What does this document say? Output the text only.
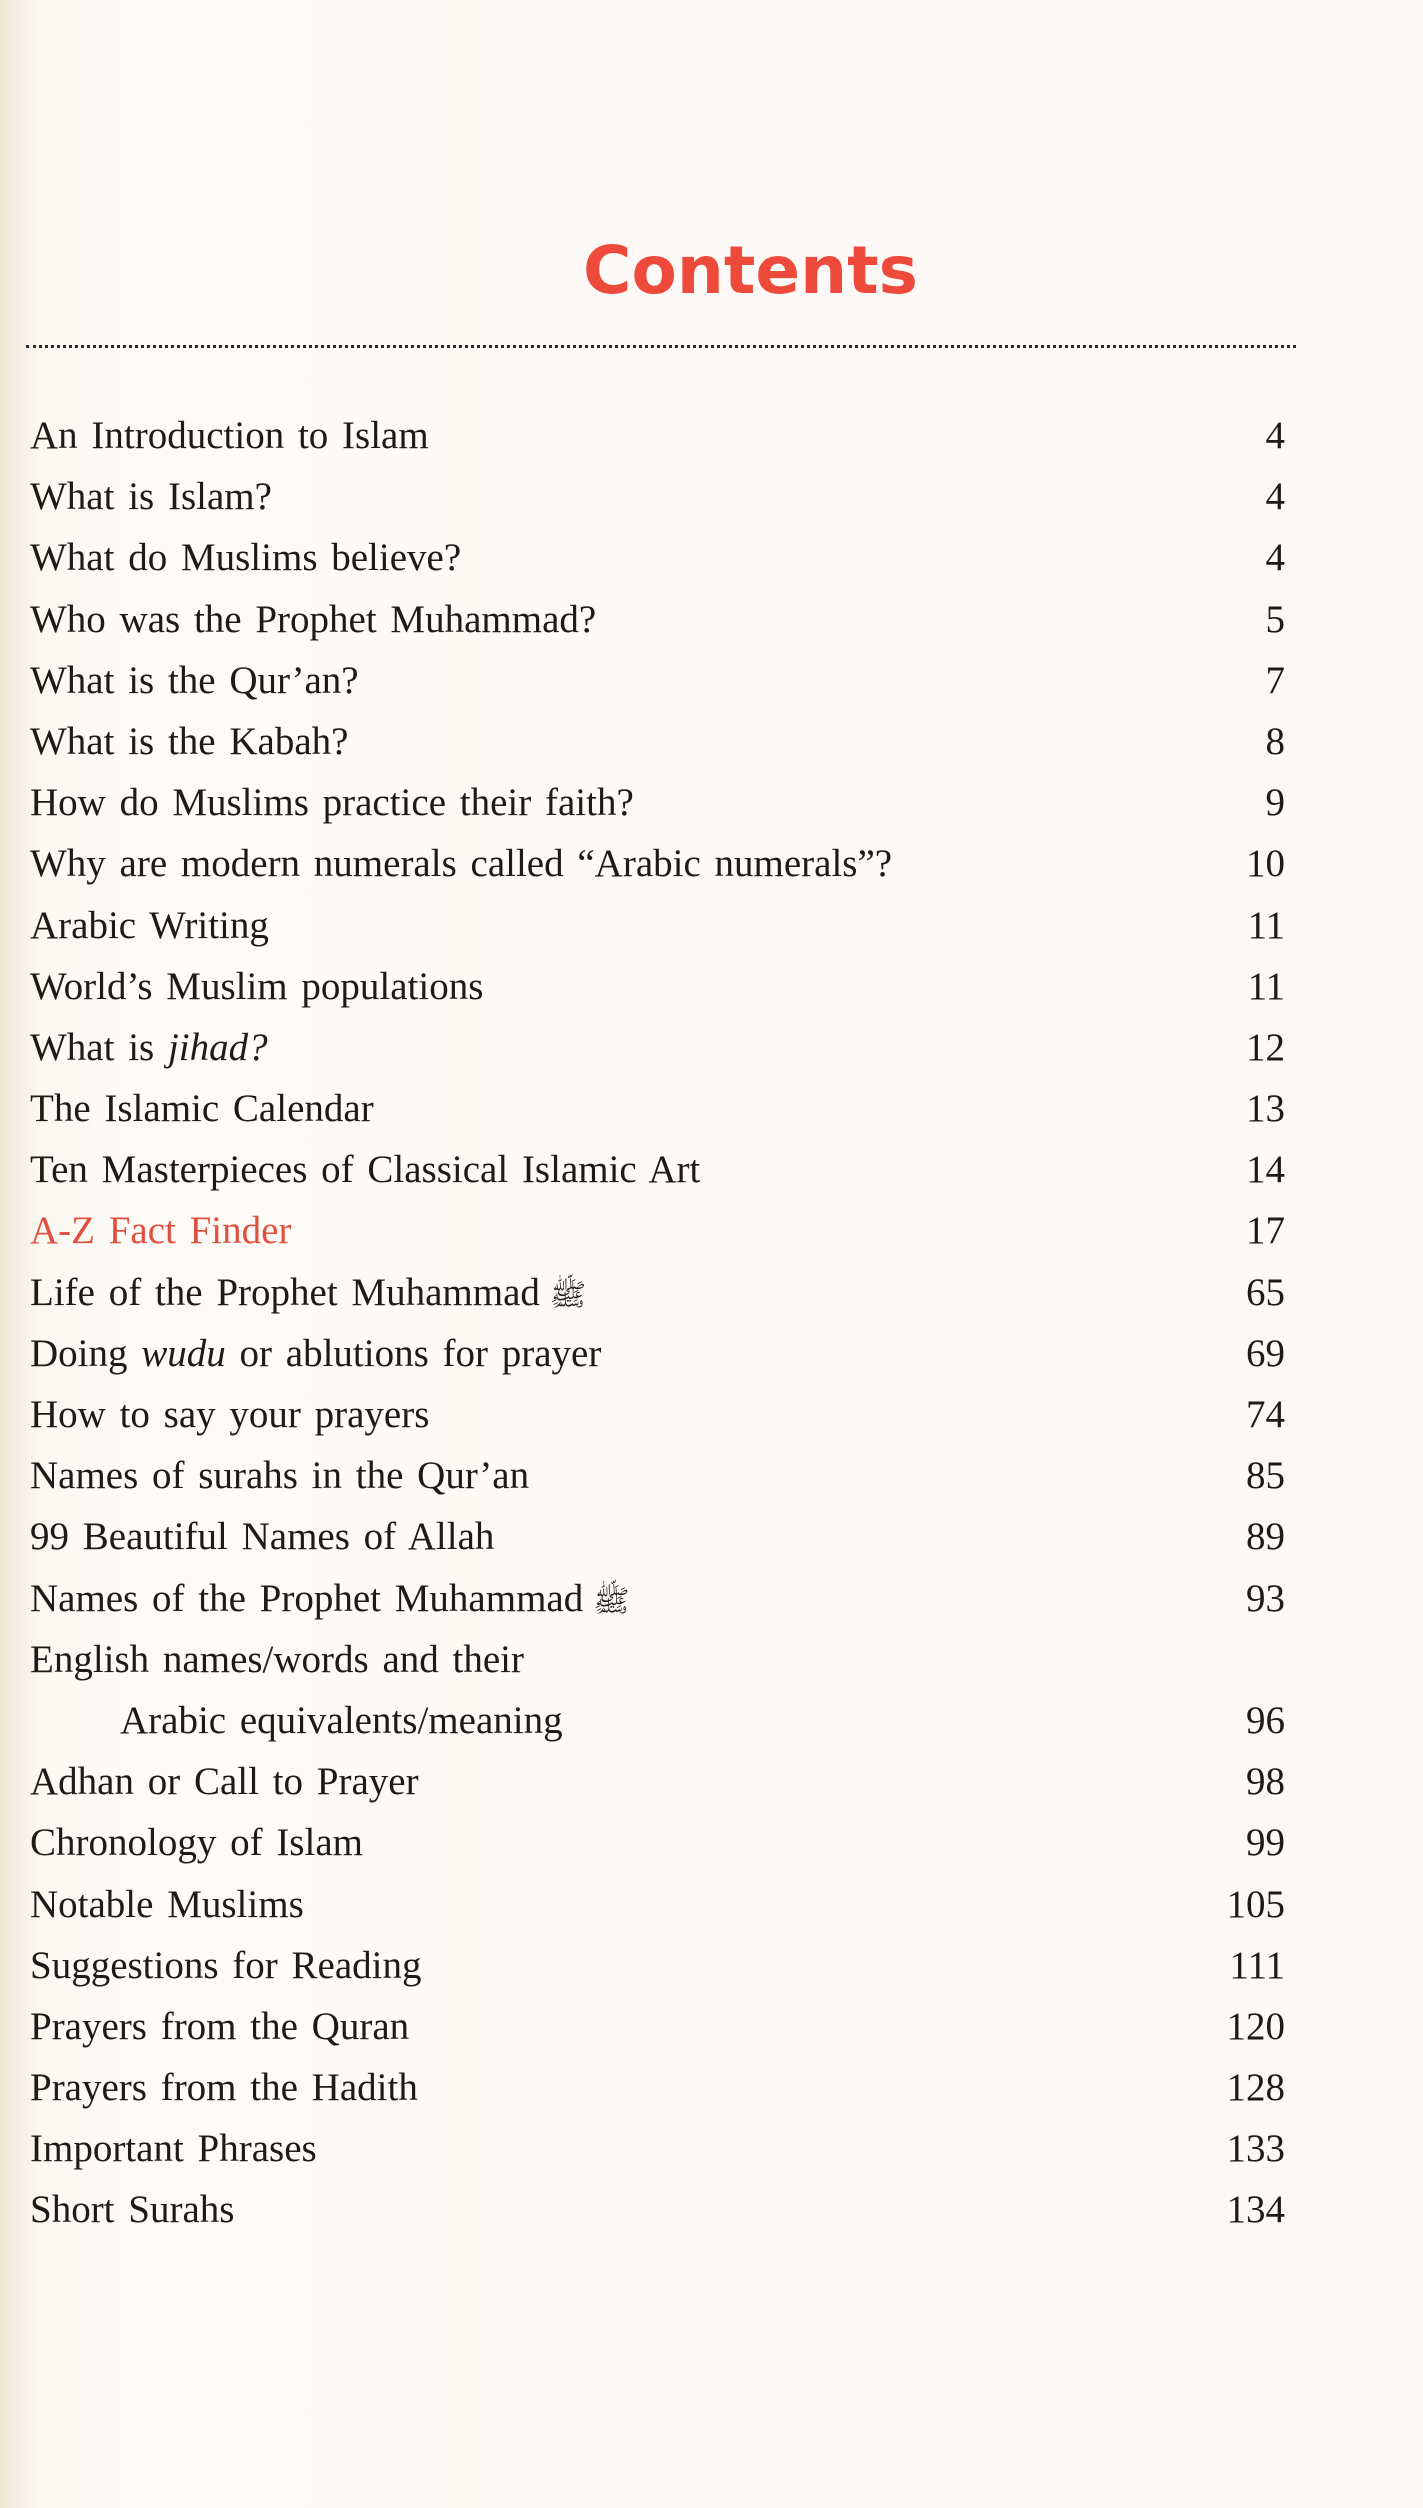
Contents
An Introduction to Islam	4
What is Islam?	4
What do Muslims believe?	4
Who was the Prophet Muhammad?	5
What is the Qur’an?	7
What is the Kabah?	8
How do Muslims practice their faith?	9
Why are modern numerals called “Arabic numerals”?	10
Arabic Writing	11
World’s Muslim populations	11
What is jihad?	12
The Islamic Calendar	13
Ten Masterpieces of Classical Islamic Art	14
A-Z Fact Finder	17
Life of the Prophet Muhammad ﷺ	65
Doing wudu or ablutions for prayer	69
How to say your prayers	74
Names of surahs in the Qur’an	85
99 Beautiful Names of Allah	89
Names of the Prophet Muhammad ﷺ	93
English names/words and their
Arabic equivalents/meaning	96
Adhan or Call to Prayer	98
Chronology of Islam	99
Notable Muslims	105
Suggestions for Reading	111
Prayers from the Quran	120
Prayers from the Hadith	128
Important Phrases	133
Short Surahs	134
